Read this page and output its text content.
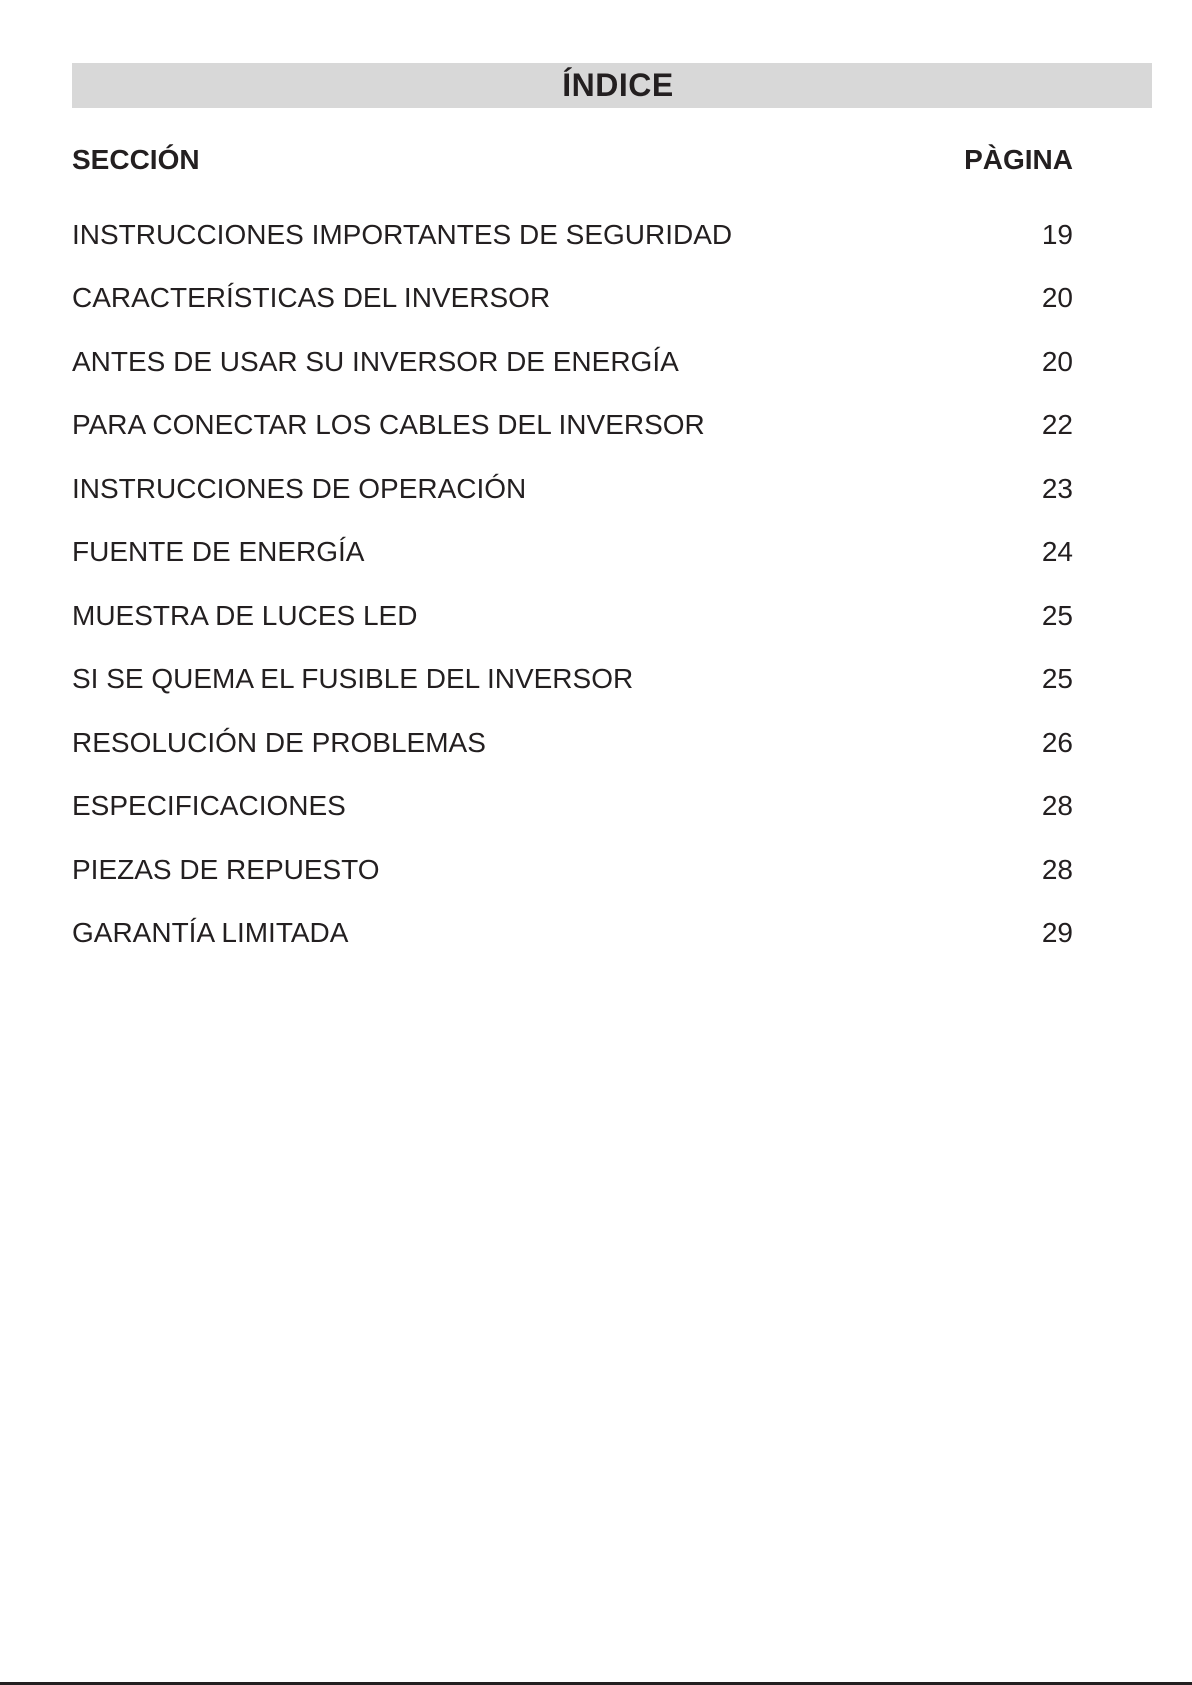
ÍNDICE
SECCIÓN	PÀGINA
INSTRUCCIONES IMPORTANTES DE SEGURIDAD	19
CARACTERÍSTICAS DEL INVERSOR	20
ANTES DE USAR SU INVERSOR DE ENERGÍA	20
PARA CONECTAR LOS CABLES DEL INVERSOR	22
INSTRUCCIONES DE OPERACIÓN	23
FUENTE DE ENERGÍA	24
MUESTRA DE LUCES LED	25
SI SE QUEMA EL FUSIBLE DEL INVERSOR	25
RESOLUCIÓN DE PROBLEMAS	26
ESPECIFICACIONES	28
PIEZAS DE REPUESTO	28
GARANTÍA LIMITADA	29
